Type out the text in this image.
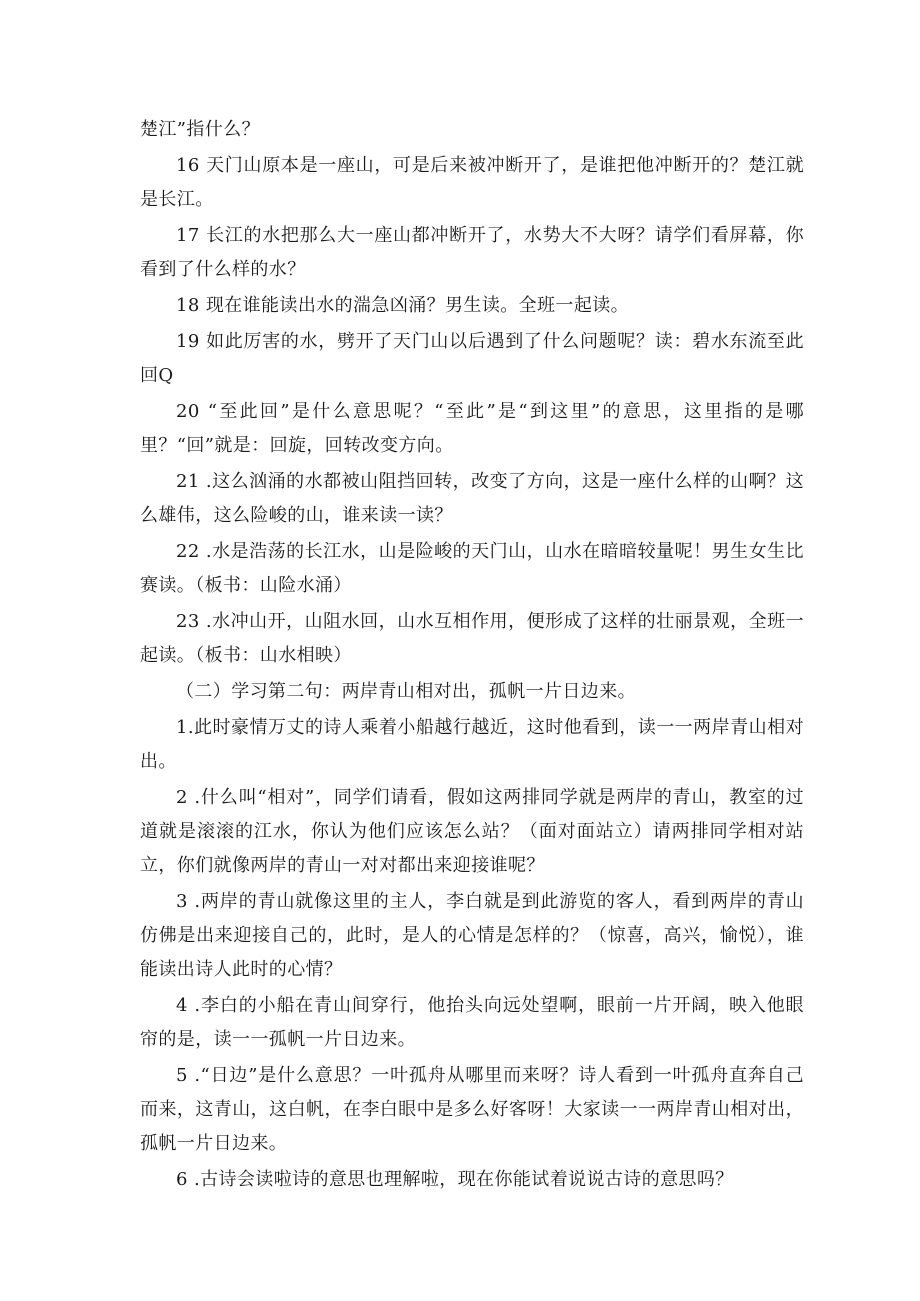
楚江”指什么？

16 天门山原本是一座山，可是后来被冲断开了，是谁把他冲断开的？楚江就是长江。

17 长江的水把那么大一座山都冲断开了，水势大不大呀？请学们看屏幕，你看到了什么样的水？

18 现在谁能读出水的湍急凶涌？男生读。全班一起读。

19 如此厉害的水，劈开了天门山以后遇到了什么问题呢？读：碧水东流至此回Q

20 “至此回”是什么意思呢？“至此”是“到这里”的意思，这里指的是哪里？“回”就是：回旋，回转改变方向。

21 .这么汹涌的水都被山阻挡回转，改变了方向，这是一座什么样的山啊？这么雄伟，这么险峻的山，谁来读一读？

22 .水是浩荡的长江水，山是险峻的天门山，山水在暗暗较量呢！男生女生比赛读。（板书：山险水涌）

23 .水冲山开，山阻水回，山水互相作用，便形成了这样的壮丽景观，全班一起读。（板书：山水相映）

（二）学习第二句：两岸青山相对出，孤帆一片日边来。

1.此时豪情万丈的诗人乘着小船越行越近，这时他看到，读一一两岸青山相对出。

2 .什么叫“相对”，同学们请看，假如这两排同学就是两岸的青山，教室的过道就是滚滚的江水，你认为他们应该怎么站？（面对面站立）请两排同学相对站立，你们就像两岸的青山一对对都出来迎接谁呢？

3 .两岸的青山就像这里的主人，李白就是到此游览的客人，看到两岸的青山仿佛是出来迎接自己的，此时，是人的心情是怎样的？（惊喜，高兴，愉悦），谁能读出诗人此时的心情？

4 .李白的小船在青山间穿行，他抬头向远处望啊，眼前一片开阔，映入他眼帘的是，读一一孤帆一片日边来。

5 .“日边”是什么意思？一叶孤舟从哪里而来呀？诗人看到一叶孤舟直奔自己而来，这青山，这白帆，在李白眼中是多么好客呀！大家读一一两岸青山相对出，孤帆一片日边来。

6 .古诗会读啦诗的意思也理解啦，现在你能试着说说古诗的意思吗？
